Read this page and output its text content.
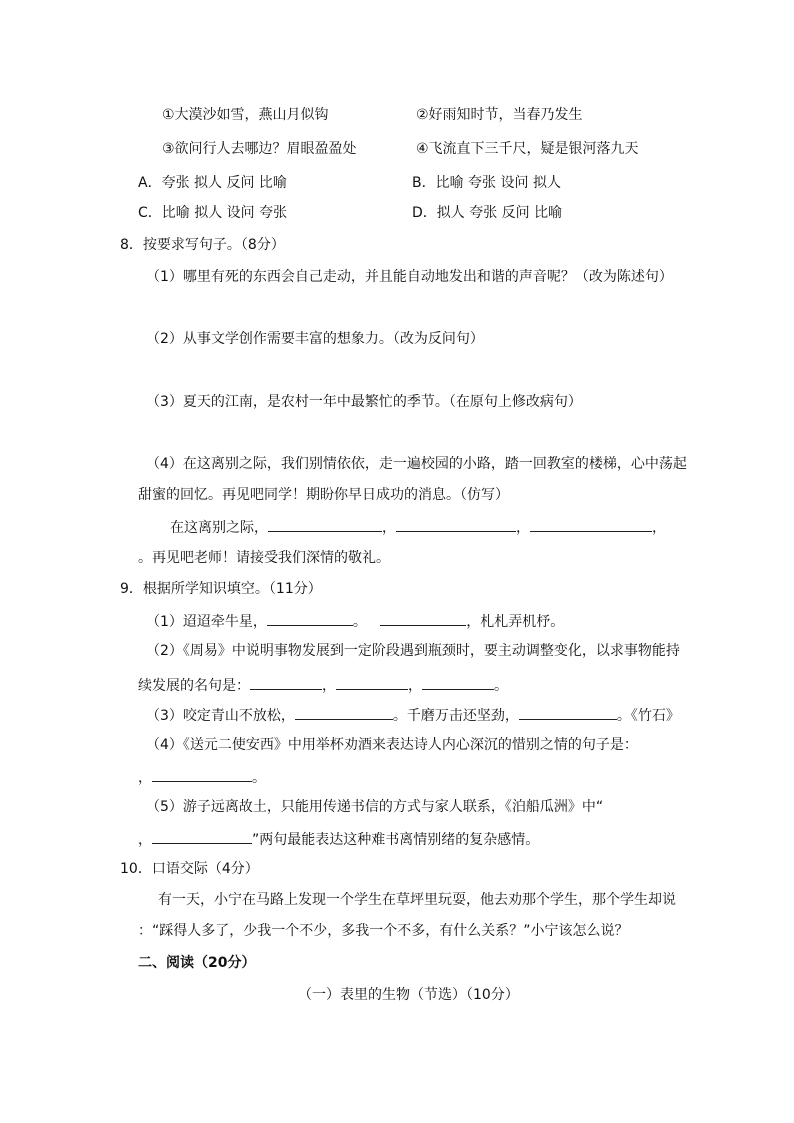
①大漠沙如雪，燕山月似钩	②好雨知时节，当春乃发生
③欲问行人去哪边？眉眼盈盈处	④飞流直下三千尺，疑是银河落九天
A．夸张 拟人 反问 比喻	B．比喻 夸张 设问 拟人
C．比喻 拟人 设问 夸张	D．拟人 夸张 反问 比喻
8．按要求写句子。（8分）
（1）哪里有死的东西会自己走动，并且能自动地发出和谐的声音呢？（改为陈述句）
（2）从事文学创作需要丰富的想象力。（改为反问句）
（3）夏天的江南，是农村一年中最繁忙的季节。（在原句上修改病句）
（4）在这离别之际，我们别情依依，走一遍校园的小路，踏一回教室的楼梯，心中荡起
甜蜜的回忆。再见吧同学！期盼你早日成功的消息。（仿写）
在这离别之际，	，	，	，
。再见吧老师！请接受我们深情的敬礼。
9．根据所学知识填空。（11分）
（1）迢迢牵牛星，	。	，札札弄机杼。
（2）《周易》中说明事物发展到一定阶段遇到瓶颈时，要主动调整变化，以求事物能持
续发展的名句是：	，	，	。
（3）咬定青山不放松，	。千磨万击还坚劲，	。《竹石》
（4）《送元二使安西》中用举杯劝酒来表达诗人内心深沉的惜别之情的句子是：
，	。
（5）游子远离故土，只能用传递书信的方式与家人联系，《泊船瓜洲》中“
，	”两句最能表达这种难书离情别绪的复杂感情。
10．口语交际（4分）
有一天，小宁在马路上发现一个学生在草坪里玩耍，他去劝那个学生，那个学生却说
：“踩得人多了，少我一个不少，多我一个不多，有什么关系？”小宁该怎么说？
二、阅读（20分）
（一）表里的生物（节选）（10分）
